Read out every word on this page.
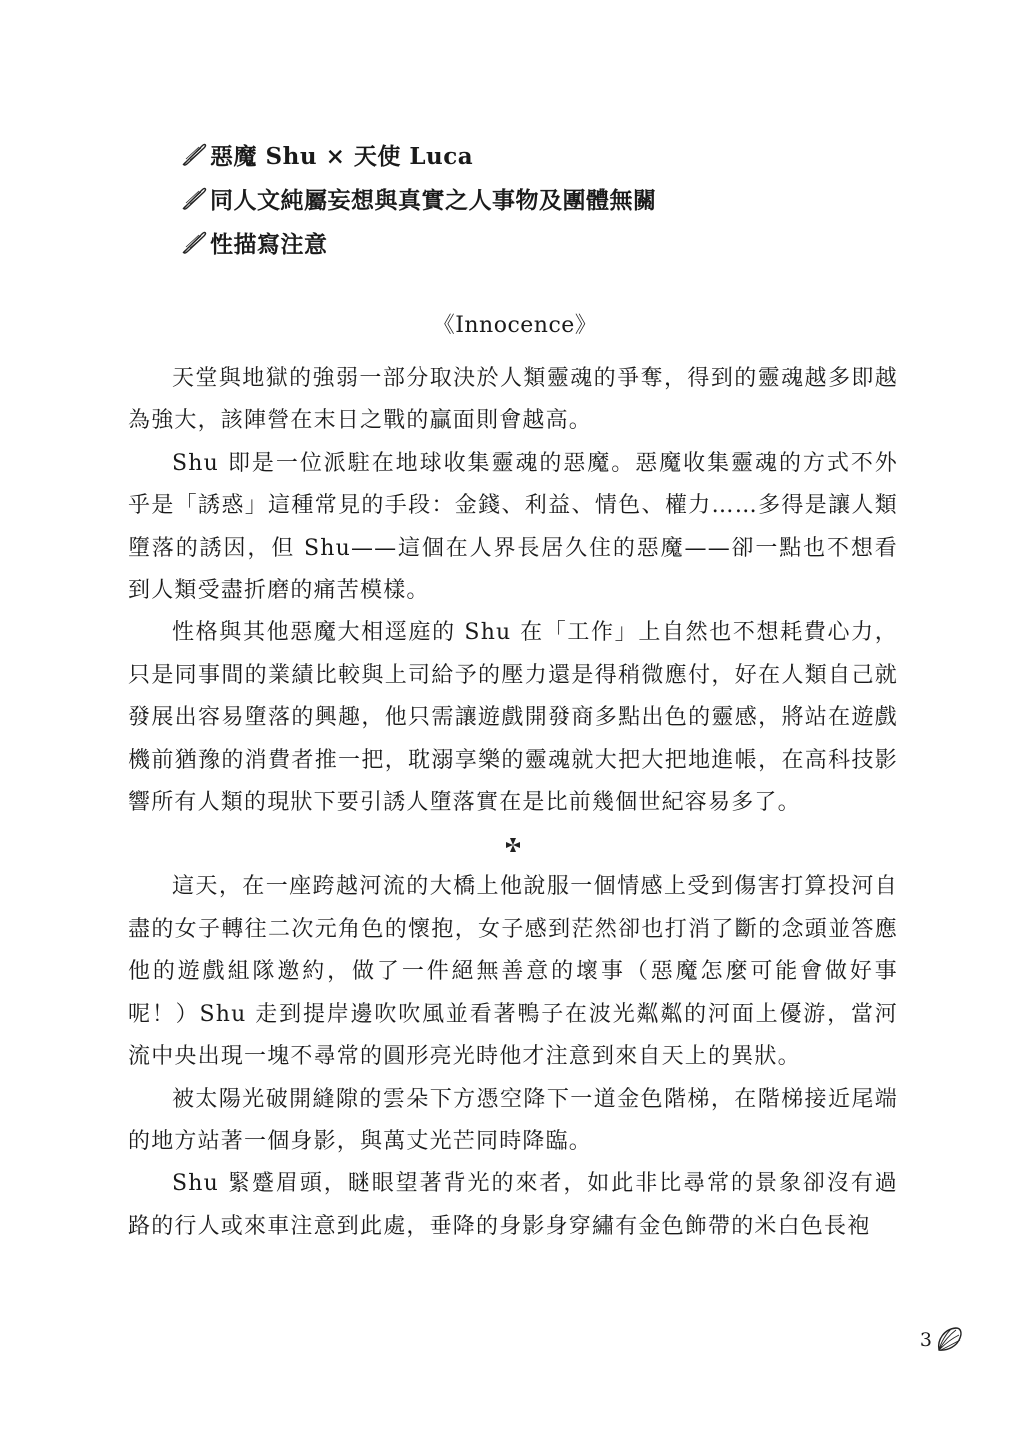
惡魔 Shu × 天使 Luca
同人文純屬妄想與真實之人事物及團體無關
性描寫注意
《Innocence》

天堂與地獄的強弱一部分取決於人類靈魂的爭奪，得到的靈魂越多即越為強大，該陣營在末日之戰的贏面則會越高。

Shu 即是一位派駐在地球收集靈魂的惡魔。惡魔收集靈魂的方式不外乎是「誘惑」這種常見的手段：金錢、利益、情色、權力……多得是讓人類墮落的誘因，但 Shu——這個在人界長居久住的惡魔——卻一點也不想看到人類受盡折磨的痛苦模樣。

性格與其他惡魔大相逕庭的 Shu 在「工作」上自然也不想耗費心力，只是同事間的業績比較與上司給予的壓力還是得稍微應付，好在人類自己就發展出容易墮落的興趣，他只需讓遊戲開發商多點出色的靈感，將站在遊戲機前猶豫的消費者推一把，耽溺享樂的靈魂就大把大把地進帳，在高科技影響所有人類的現狀下要引誘人墮落實在是比前幾個世紀容易多了。

這天，在一座跨越河流的大橋上他說服一個情感上受到傷害打算投河自盡的女子轉往二次元角色的懷抱，女子感到茫然卻也打消了斷的念頭並答應他的遊戲組隊邀約，做了一件絕無善意的壞事（惡魔怎麼可能會做好事呢！）Shu 走到提岸邊吹吹風並看著鴨子在波光粼粼的河面上優游，當河流中央出現一塊不尋常的圓形亮光時他才注意到來自天上的異狀。

被太陽光破開縫隙的雲朵下方憑空降下一道金色階梯，在階梯接近尾端的地方站著一個身影，與萬丈光芒同時降臨。

Shu 緊蹙眉頭，瞇眼望著背光的來者，如此非比尋常的景象卻沒有過路的行人或來車注意到此處，垂降的身影身穿繡有金色飾帶的米白色長袍

3
